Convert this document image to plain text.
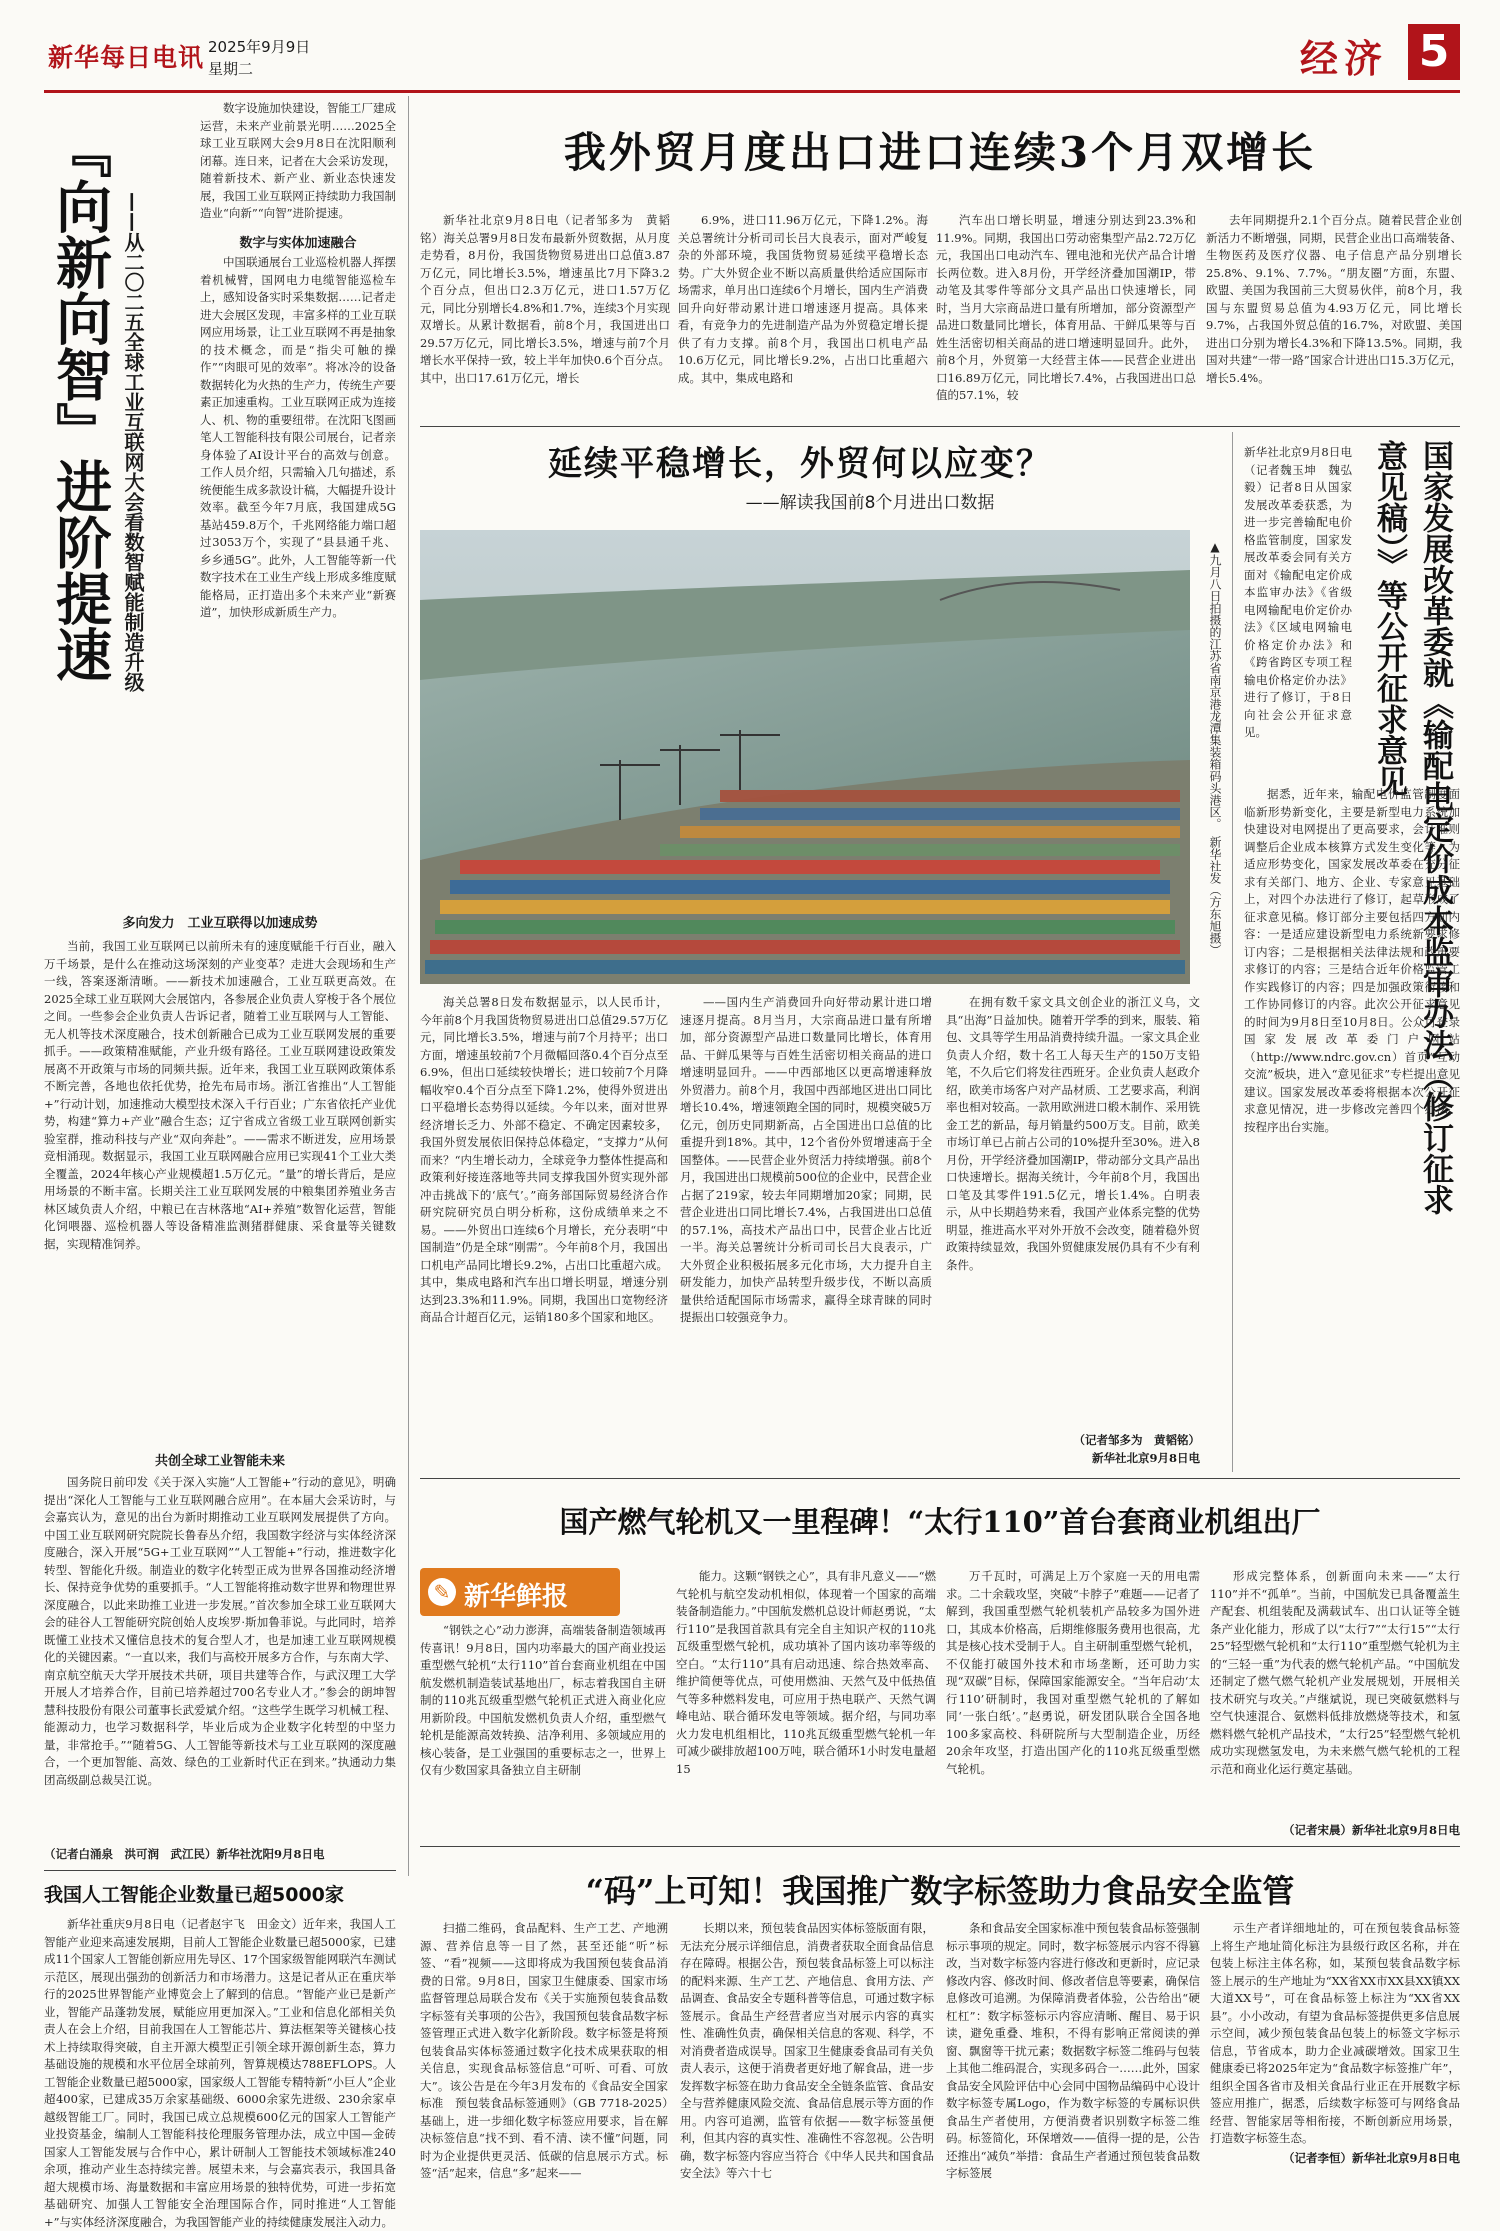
新华每日电讯 2025年9月9日
星期二	经济 5
『向新向智』进阶提速 ——从二〇二五全球工业互联网大会看数智赋能制造升级
数字设施加快建设，智能工厂建成运营，未来产业前景光明……2025全球工业互联网大会9月8日在沈阳顺利闭幕。连日来，记者在大会采访发现，随着新技术、新产业、新业态快速发展，我国工业互联网正持续助力我国制造业“向新”“向智”进阶提速。
数字与实体加速融合
中国联通展台工业巡检机器人挥摆着机械臂，国网电力电缆智能巡检车上，感知设备实时采集数据……记者走进大会展区发现，丰富多样的工业互联网应用场景，让工业互联网不再是抽象的技术概念，而是“指尖可触的操作”“肉眼可见的效率”。将冰冷的设备数据转化为火热的生产力，传统生产要素正加速重构。工业互联网正成为连接人、机、物的重要纽带。在沈阳飞图画笔人工智能科技有限公司展台，记者亲身体验了AI设计平台的高效与创意。工作人员介绍，只需输入几句描述，系统便能生成多款设计稿，大幅提升设计效率。截至今年7月底，我国建成5G基站459.8万个，千兆网络能力端口超过3053万个，实现了“县县通千兆、乡乡通5G”。此外，人工智能等新一代数字技术在工业生产线上形成多维度赋能格局，正打造出多个未来产业“新赛道”，加快形成新质生产力。
多向发力　工业互联得以加速成势
当前，我国工业互联网已以前所未有的速度赋能千行百业，融入万千场景，是什么在推动这场深刻的产业变革？走进大会现场和生产一线，答案逐渐清晰。——新技术加速融合，工业互联更高效。在2025全球工业互联网大会展馆内，各参展企业负责人穿梭于各个展位之间。一些参会企业负责人告诉记者，随着工业互联网与人工智能、无人机等技术深度融合，技术创新融合已成为工业互联网发展的重要抓手。——政策精准赋能，产业升级有路径。工业互联网建设政策发展离不开政策与市场的同频共振。近年来，我国工业互联网政策体系不断完善，各地也依托优势，抢先布局市场。浙江省推出“人工智能+”行动计划，加速推动大模型技术深入千行百业；广东省依托产业优势，构建“算力+产业”融合生态；辽宁省成立省级工业互联网创新实验室群，推动科技与产业“双向奔赴”。——需求不断迸发，应用场景竞相涌现。数据显示，我国工业互联网融合应用已实现41个工业大类全覆盖，2024年核心产业规模超1.5万亿元。“量”的增长背后，是应用场景的不断丰富。长期关注工业互联网发展的中粮集团养殖业务吉林区域负责人介绍，中粮已在吉林落地“AI+养殖”数智化运营，智能化饲喂器、巡检机器人等设备精准监测猪群健康、采食量等关键数据，实现精准饲养。
共创全球工业智能未来
国务院日前印发《关于深入实施“人工智能+”行动的意见》，明确提出“深化人工智能与工业互联网融合应用”。在本届大会采访时，与会嘉宾认为，意见的出台为新时期推动工业互联网发展提供了方向。中国工业互联网研究院院长鲁春丛介绍，我国数字经济与实体经济深度融合，深入开展“5G+工业互联网”“人工智能+”行动，推进数字化转型、智能化升级。制造业的数字化转型正成为世界各国推动经济增长、保持竞争优势的重要抓手。“人工智能将推动数字世界和物理世界深度融合，以此来助推工业进一步发展。”首次参加全球工业互联网大会的硅谷人工智能研究院创始人皮埃罗·斯加鲁菲说。与此同时，培养既懂工业技术又懂信息技术的复合型人才，也是加速工业互联网规模化的关键因素。“一直以来，我们与高校开展多方合作，与东南大学、南京航空航天大学开展技术共研，项目共建等合作，与武汉理工大学开展人才培养合作，目前已培养超过700名专业人才。”参会的朗坤智慧科技股份有限公司董事长武爱斌介绍。“这些学生既学习机械工程、能源动力，也学习数据科学，毕业后成为企业数字化转型的中坚力量，非常抢手。”“随着5G、人工智能等新技术与工业互联网的深度融合，一个更加智能、高效、绿色的工业新时代正在到来。”执通动力集团高级副总裁吴江说。
（记者白涌泉　洪可润　武江民）新华社沈阳9月8日电
我外贸月度出口进口连续3个月双增长
新华社北京9月8日电（记者邹多为　黄韬铭）海关总署9月8日发布最新外贸数据，从月度走势看，8月份，我国货物贸易进出口总值3.87万亿元，同比增长3.5%，增速虽比7月下降3.2个百分点，但出口2.3万亿元，进口1.57万亿元，同比分别增长4.8%和1.7%，连续3个月实现双增长。从累计数据看，前8个月，我国进出口29.57万亿元，同比增长3.5%，增速与前7个月增长水平保持一致，较上半年加快0.6个百分点。其中，出口17.61万亿元，增长
6.9%，进口11.96万亿元，下降1.2%。海关总署统计分析司司长吕大良表示，面对严峻复杂的外部环境，我国货物贸易延续平稳增长态势。广大外贸企业不断以高质量供给适应国际市场需求，单月出口连续6个月增长，国内生产消费回升向好带动累计进口增速逐月提高。具体来看，有竞争力的先进制造产品为外贸稳定增长提供了有力支撑。前8个月，我国出口机电产品10.6万亿元，同比增长9.2%，占出口比重超六成。其中，集成电路和
汽车出口增长明显，增速分别达到23.3%和11.9%。同期，我国出口劳动密集型产品2.72万亿元，我国出口电动汽车、锂电池和光伏产品合计增长两位数。进入8月份，开学经济叠加国潮IP，带动笔及其零件等部分文具产品出口快速增长，同时，当月大宗商品进口量有所增加，部分资源型产品进口数量同比增长，体育用品、干鲜瓜果等与百姓生活密切相关商品的进口增速明显回升。此外，前8个月，外贸第一大经营主体——民营企业进出口16.89万亿元，同比增长7.4%，占我国进出口总值的57.1%，较
去年同期提升2.1个百分点。随着民营企业创新活力不断增强，同期，民营企业出口高端装备、生物医药及医疗仪器、电子信息产品分别增长25.8%、9.1%、7.7%。“朋友圈”方面，东盟、欧盟、美国为我国前三大贸易伙伴，前8个月，我国与东盟贸易总值为4.93万亿元，同比增长9.7%，占我国外贸总值的16.7%，对欧盟、美国进出口分别为增长4.3%和下降13.5%。同期，我国对共建“一带一路”国家合计进出口15.3万亿元，增长5.4%。
延续平稳增长，外贸何以应变？
——解读我国前8个月进出口数据
▲九月八日拍摄的江苏省南京港龙潭集装箱码头港区。　新华社发（方东旭摄）
海关总署8日发布数据显示，以人民币计，今年前8个月我国货物贸易进出口总值29.57万亿元，同比增长3.5%，增速与前7个月持平；出口方面，增速虽较前7个月微幅回落0.4个百分点至6.9%，但出口延续较快增长；进口较前7个月降幅收窄0.4个百分点至下降1.2%，使得外贸进出口平稳增长态势得以延续。今年以来，面对世界经济增长乏力、外部不稳定、不确定因素较多，我国外贸发展依旧保持总体稳定，“支撑力”从何而来？“内生增长动力，全球竞争力整体性提高和政策利好接连落地等共同支撑我国外贸实现外部冲击挑战下的‘底气’。”商务部国际贸易经济合作研究院研究员白明分析称，这份成绩单来之不易。——外贸出口连续6个月增长，充分表明“中国制造”仍是全球“刚需”。今年前8个月，我国出口机电产品同比增长9.2%，占出口比重超六成。其中，集成电路和汽车出口增长明显，增速分别达到23.3%和11.9%。同期，我国出口宽物经济商品合计超百亿元，运销180多个国家和地区。
——国内生产消费回升向好带动累计进口增速逐月提高。8月当月，大宗商品进口量有所增加，部分资源型产品进口数量同比增长，体育用品、干鲜瓜果等与百姓生活密切相关商品的进口增速明显回升。——中西部地区以更高增速释放外贸潜力。前8个月，我国中西部地区进出口同比增长10.4%，增速领跑全国的同时，规模突破5万亿元，创历史同期新高，占全国进出口总值的比重提升到18%。其中，12个省份外贸增速高于全国整体。——民营企业外贸活力持续增强。前8个月，我国进出口规模前500位的企业中，民营企业占据了219家，较去年同期增加20家；同期，民营企业进出口同比增长7.4%，占我国进出口总值的57.1%，高技术产品出口中，民营企业占比近一半。海关总署统计分析司司长吕大良表示，广大外贸企业积极拓展多元化市场，大力提升自主研发能力，加快产品转型升级步伐，不断以高质量供给适配国际市场需求，赢得全球青睐的同时提振出口较强竞争力。
在拥有数千家文具文创企业的浙江义乌，文具“出海”日益加快。随着开学季的到来，服装、箱包、文具等学生用品消费持续升温。一家文具企业负责人介绍，数十名工人每天生产的150万支铅笔，不久后它们将发往西班牙。企业负责人赵政介绍，欧美市场客户对产品材质、工艺要求高，利润率也相对较高。一款用欧洲进口椴木制作、采用铣金工艺的新品，每月销量约500万支。目前，欧美市场订单已占前占公司的10%提升至30%。进入8月份，开学经济叠加国潮IP，带动部分文具产品出口快速增长。据海关统计，今年前8个月，我国出口笔及其零件191.5亿元，增长1.4%。白明表示，从中长期趋势来看，我国产业体系完整的优势明显，推进高水平对外开放不会改变，随着稳外贸政策持续显效，我国外贸健康发展仍具有不少有利条件。
（记者邹多为　黄韬铭）
新华社北京9月8日电
国家发展改革委就《输配电定价成本监审办法（修订征求意见稿）》等公开征求意见
新华社北京9月8日电（记者魏玉坤　魏弘毅）记者8日从国家发展改革委获悉，为进一步完善输配电价格监管制度，国家发展改革委会同有关方面对《输配电定价成本监审办法》《省级电网输配电价定价办法》《区域电网输电价格定价办法》和《跨省跨区专项工程输电价格定价办法》进行了修订，于8日向社会公开征求意见。
据悉，近年来，输配电价监管制度面临新形势新变化，主要是新型电力系统加快建设对电网提出了更高要求，会计准则调整后企业成本核算方式发生变化等。为适应形势变化，国家发展改革委在充分征求有关部门、地方、企业、专家意见基础上，对四个办法进行了修订，起草形成了征求意见稿。修订部分主要包括四方面内容：一是适应建设新型电力系统新要求修订内容；二是根据相关法律法规和政策要求修订的内容；三是结合近年价格监管工作实践修订的内容；四是加强政策衔接和工作协同修订的内容。此次公开征求意见的时间为9月8日至10月8日。公众可登录国家发展改革委门户网站（http://www.ndrc.gov.cn）首页“互动交流”板块，进入“意见征求”专栏提出意见建议。国家发展改革委将根据本次公开征求意见情况，进一步修改完善四个办法，按程序出台实施。
国产燃气轮机又一里程碑！“太行110”首台套商业机组出厂
✎ 新华鲜报
“钢铁之心”动力澎湃，高端装备制造领域再传喜讯！9月8日，国内功率最大的国产商业投运重型燃气轮机“太行110”首台套商业机组在中国航发燃机制造装试基地出厂，标志着我国自主研制的110兆瓦级重型燃气轮机正式进入商业化应用新阶段。中国航发燃机负责人介绍，重型燃气轮机是能源高效转换、洁净利用、多领域应用的核心装备，是工业强国的重要标志之一，世界上仅有少数国家具备独立自主研制
能力。这颗“钢铁之心”，具有非凡意义——“燃气轮机与航空发动机相似，体现着一个国家的高端装备制造能力。”中国航发燃机总设计师赵勇说，“太行110”是我国首款具有完全自主知识产权的110兆瓦级重型燃气轮机，成功填补了国内该功率等级的空白。“太行110”具有启动迅速、综合热效率高、维护简便等优点，可使用燃油、天然气及中低热值气等多种燃料发电，可应用于热电联产、天然气调峰电站、联合循环发电等领域。据介绍，与同功率火力发电机组相比，110兆瓦级重型燃气轮机一年可减少碳排放超100万吨，联合循环1小时发电量超15
万千瓦时，可满足上万个家庭一天的用电需求。二十余载攻坚，突破“卡脖子”难题——记者了解到，我国重型燃气轮机装机产品较多为国外进口，其成本价格高，后期维修服务费用也很高，尤其是核心技术受制于人。自主研制重型燃气轮机，不仅能打破国外技术和市场垄断，还可助力实现“双碳”目标，保障国家能源安全。“当年启动‘太行110’研制时，我国对重型燃气轮机的了解如同‘一张白纸’。”赵勇说，研发团队联合全国各地100多家高校、科研院所与大型制造企业，历经20余年攻坚，打造出国产化的110兆瓦级重型燃气轮机。
形成完整体系，创新面向未来——“太行110”并不“孤单”。当前，中国航发已具备覆盖生产配套、机组装配及满载试车、出口认证等全链条产业化能力，形成了以“太行7”“太行15”“太行25”轻型燃气轮机和“太行110”重型燃气轮机为主的“三轻一重”为代表的燃气轮机产品。“中国航发还制定了燃气燃气轮机产业发展规划，开展相关技术研究与攻关。”卢继斌说，现已突破氨燃料与空气快速混合、氨燃料低排放燃烧等技术，和氢燃料燃气轮机产品技术，“太行25”轻型燃气轮机成功实现燃氢发电，为未来燃气燃气轮机的工程示范和商业化运行奠定基础。
（记者宋晨）新华社北京9月8日电
我国人工智能企业数量已超5000家
新华社重庆9月8日电（记者赵宇飞　田金文）近年来，我国人工智能产业迎来高速发展期，目前人工智能企业数量已超5000家，已建成11个国家人工智能创新应用先导区、17个国家级智能网联汽车测试示范区，展现出强劲的创新活力和市场潜力。这是记者从正在重庆举行的2025世界智能产业博览会上了解到的信息。“智能产业已是新产业，智能产品蓬勃发展，赋能应用更加深入。”工业和信息化部相关负责人在会上介绍，目前我国在人工智能芯片、算法框架等关键核心技术上持续取得突破，自主开源大模型正引领全球开源创新生态，算力基础设施的规模和水平位居全球前列，智算规模达788EFLOPS。人工智能企业数量已超5000家，国家级人工智能专精特新“小巨人”企业超400家，已建成35万余家基础级、6000余家先进级、230余家卓越级智能工厂。同时，我国已成立总规模600亿元的国家人工智能产业投资基金，编制人工智能科技伦理服务管理办法，成立中国—金砖国家人工智能发展与合作中心，累计研制人工智能技术领域标准240余项，推动产业生态持续完善。展望未来，与会嘉宾表示，我国具备超大规模市场、海量数据和丰富应用场景的独特优势，可进一步拓宽基础研究、加强人工智能安全治理国际合作，同时推进“人工智能+”与实体经济深度融合，为我国智能产业的持续健康发展注入动力。
“码”上可知！我国推广数字标签助力食品安全监管
扫描二维码，食品配料、生产工艺、产地溯源、营养信息等一目了然，甚至还能“听”标签、“看”视频——这即将成为我国预包装食品消费的日常。9月8日，国家卫生健康委、国家市场监督管理总局联合发布《关于实施预包装食品数字标签有关事项的公告》，我国预包装食品数字标签管理正式进入数字化新阶段。数字标签是将预包装食品实体标签通过数字化技术成果获取的相关信息，实现食品标签信息“可听、可看、可放大”。该公告是在今年3月发布的《食品安全国家标准　预包装食品标签通则》（GB 7718-2025）基础上，进一步细化数字标签应用要求，旨在解决标签信息“找不到、看不清、读不懂”问题，同时为企业提供更灵活、低碳的信息展示方式。标签“活”起来，信息“多”起来——
长期以来，预包装食品因实体标签版面有限，无法充分展示详细信息，消费者获取全面食品信息存在障碍。根据公告，预包装食品标签上可以标注的配料来源、生产工艺、产地信息、食用方法、产品调查、食品安全专题科普等信息，可通过数字标签展示。食品生产经营者应当对展示内容的真实性、准确性负责，确保相关信息的客观、科学，不对消费者造成误导。国家卫生健康委食品司有关负责人表示，这便于消费者更好地了解食品，进一步发挥数字标签在助力食品安全全链条监管、食品安全与营养健康风险交流、食品信息展示等方面的作用。内容可追溯，监管有依据——数字标签虽便利，但其内容的真实性、准确性不容忽视。公告明确，数字标签内容应当符合《中华人民共和国食品安全法》等六十七
条和食品安全国家标准中预包装食品标签强制标示事项的规定。同时，数字标签展示内容不得篡改，当对数字标签内容进行修改和更新时，应记录修改内容、修改时间、修改者信息等要素，确保信息修改可追溯。为保障消费者体验，公告给出“硬杠杠”：数字标签标示内容应清晰、醒目、易于识读，避免重叠、堆积，不得有影响正常阅读的弹窗、飘窗等干扰元素；数据数字标签二维码与包装上其他二维码混合，实现多码合一……此外，国家食品安全风险评估中心会同中国物品编码中心设计数字标签专属Logo，作为数字标签的专属标识供食品生产者使用，方便消费者识别数字标签二维码。标签简化，环保增效——值得一提的是，公告还推出“减负”举措：食品生产者通过预包装食品数字标签展
示生产者详细地址的，可在预包装食品标签上将生产地址简化标注为县级行政区名称，并在包装上标注主体名称，如，某预包装食品数字标签上展示的生产地址为“XX省XX市XX县XX镇XX大道XX号”，可在食品标签上标注为“XX省XX县”。小小改动，有望为食品标签提供更多信息展示空间，减少预包装食品包装上的标签文字标示信息，节省成本，助力企业减碳增效。国家卫生健康委已将2025年定为“食品数字标签推广年”，组织全国各省市及相关食品行业正在开展数字标签应用推广，据悉，后续数字标签可与网络食品经营、智能家居等相衔接，不断创新应用场景，打造数字标签生态。
（记者李恒）新华社北京9月8日电
